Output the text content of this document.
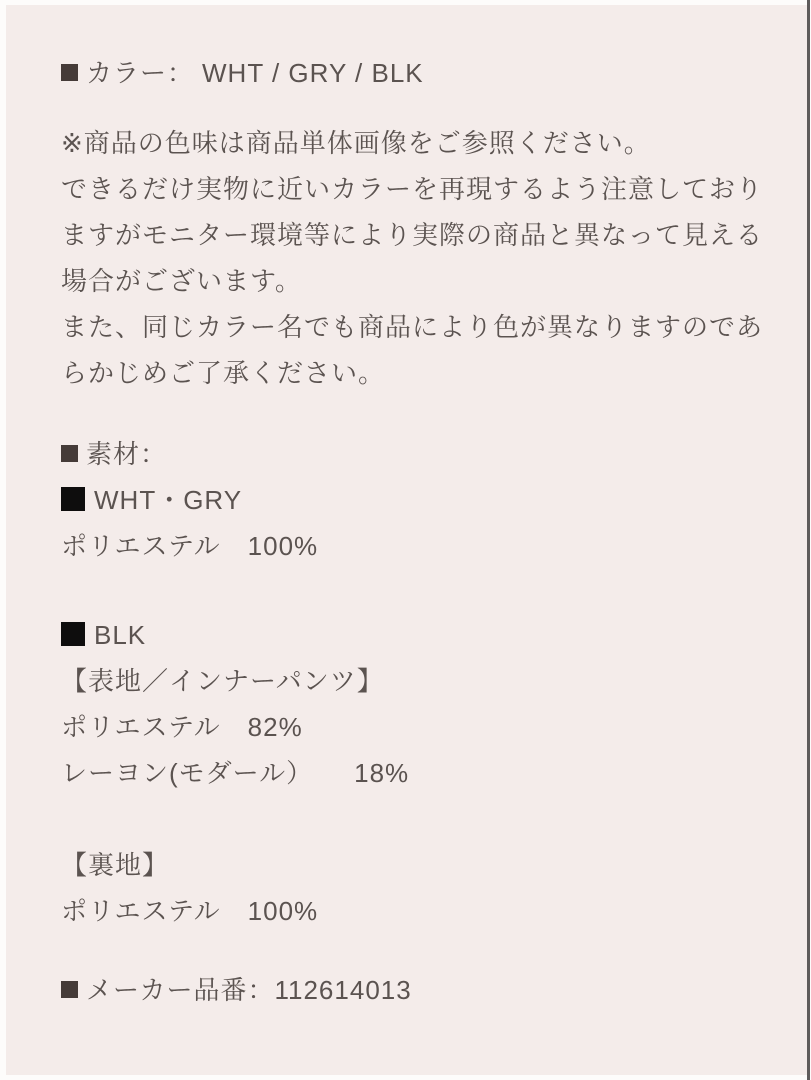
カラー： WHT / GRY / BLK

※商品の色味は商品単体画像をご参照ください。

できるだけ実物に近いカラーを再現するよう注意しており

ますがモニター環境等により実際の商品と異なって見える

場合がございます。

また、同じカラー名でも商品により色が異なりますのであ

らかじめご了承ください。

素材：

WHT・GRY

ポリエステル　100%

BLK

【表地／インナーパンツ】

ポリエステル　82%

レーヨン(モダール）　　18%

【裏地】

ポリエステル　100%

メーカー品番：112614013
